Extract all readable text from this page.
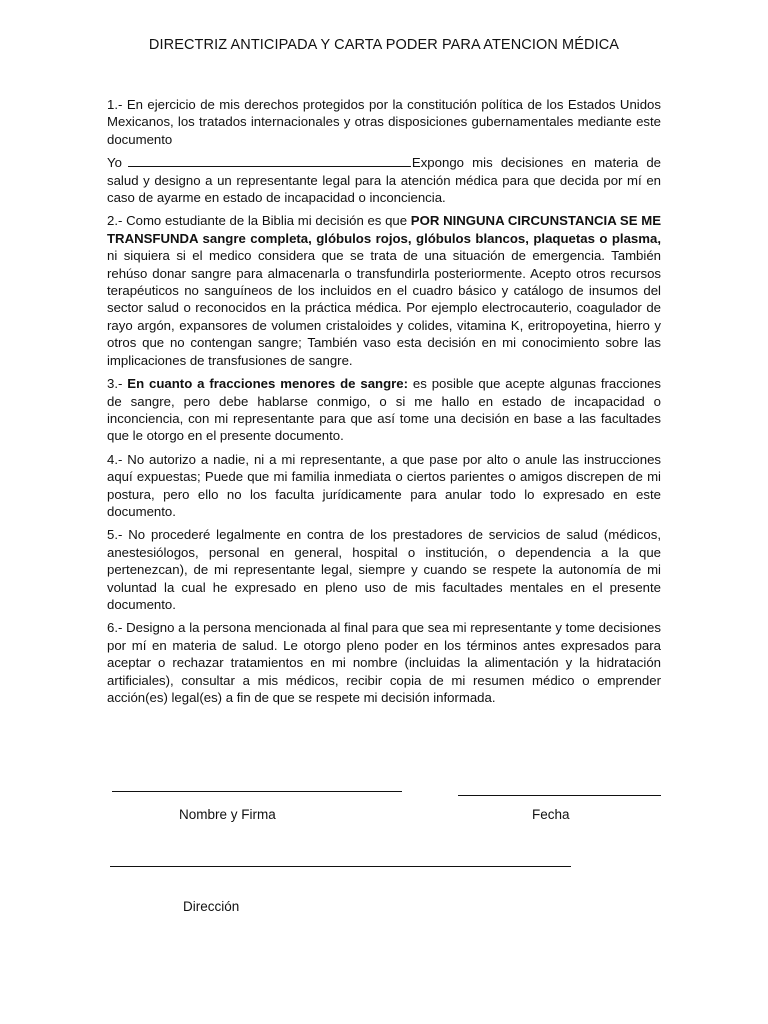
DIRECTRIZ ANTICIPADA Y CARTA PODER PARA ATENCION MÉDICA

1.- En ejercicio de mis derechos protegidos por la constitución política de los Estados Unidos Mexicanos, los tratados internacionales y otras disposiciones gubernamentales mediante este documento

Yo	Expongo mis decisiones en materia de salud y designo a un representante legal para la atención médica para que decida por mí en caso de ayarme en estado de incapacidad o inconciencia.

2.- Como estudiante de la Biblia mi decisión es que POR NINGUNA CIRCUNSTANCIA SE ME TRANSFUNDA sangre completa, glóbulos rojos, glóbulos blancos, plaquetas o plasma, ni siquiera si el medico considera que se trata de una situación de emergencia. También rehúso donar sangre para almacenarla o transfundirla posteriormente. Acepto otros recursos terapéuticos no sanguíneos de los incluidos en el cuadro básico y catálogo de insumos del sector salud o reconocidos en la práctica médica. Por ejemplo electrocauterio, coagulador de rayo argón, expansores de volumen cristaloides y colides, vitamina K, eritropoyetina, hierro y otros que no contengan sangre; También vaso esta decisión en mi conocimiento sobre las implicaciones de transfusiones de sangre.

3.- En cuanto a fracciones menores de sangre: es posible que acepte algunas fracciones de sangre, pero debe hablarse conmigo, o si me hallo en estado de incapacidad o inconciencia, con mi representante para que así tome una decisión en base a las facultades que le otorgo en el presente documento.

4.- No autorizo a nadie, ni a mi representante, a que pase por alto o anule las instrucciones aquí expuestas; Puede que mi familia inmediata o ciertos parientes o amigos discrepen de mi postura, pero ello no los faculta jurídicamente para anular todo lo expresado en este documento.

5.- No procederé legalmente en contra de los prestadores de servicios de salud (médicos, anestesiólogos, personal en general, hospital o institución, o dependencia a la que pertenezcan), de mi representante legal, siempre y cuando se respete la autonomía de mi voluntad la cual he expresado en pleno uso de mis facultades mentales en el presente documento.

6.- Designo a la persona mencionada al final para que sea mi representante y tome decisiones por mí en materia de salud. Le otorgo pleno poder en los términos antes expresados para aceptar o rechazar tratamientos en mi nombre (incluidas la alimentación y la hidratación artificiales), consultar a mis médicos, recibir copia de mi resumen médico o emprender acción(es) legal(es) a fin de que se respete mi decisión informada.

Nombre y Firma	Fecha
Dirección
